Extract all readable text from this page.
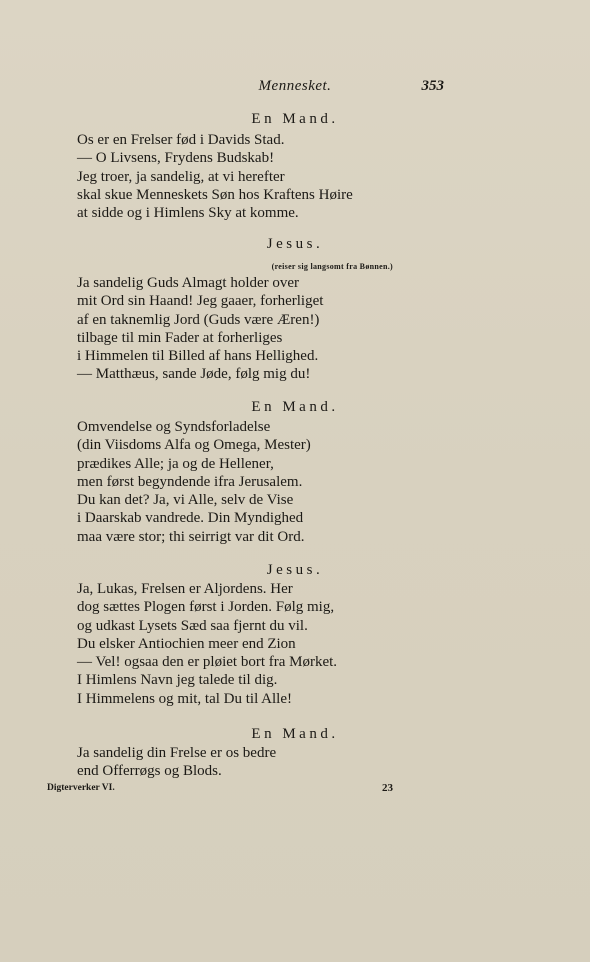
Mennesket.	353
En Mand.
Os er en Frelser fød i Davids Stad.
— O Livsens, Frydens Budskab!
Jeg troer, ja sandelig, at vi herefter
skal skue Menneskets Søn hos Kraftens Høire
at sidde og i Himlens Sky at komme.
Jesus.
(reiser sig langsomt fra Bønnen.)
Ja sandelig Guds Almagt holder over
mit Ord sin Haand! Jeg gaaer, forherliget
af en taknemlig Jord (Guds være Æren!)
tilbage til min Fader at forherliges
i Himmelen til Billed af hans Hellighed.
— Matthæus, sande Jøde, følg mig du!
En Mand.
Omvendelse og Syndsforladelse
(din Viisdoms Alfa og Omega, Mester)
prædikes Alle; ja og de Hellener,
men først begyndende ifra Jerusalem.
Du kan det? Ja, vi Alle, selv de Vise
i Daarskab vandrede. Din Myndighed
maa være stor; thi seirrigt var dit Ord.
Jesus.
Ja, Lukas, Frelsen er Aljordens. Her
dog sættes Plogen først i Jorden. Følg mig,
og udkast Lysets Sæd saa fjernt du vil.
Du elsker Antiochien meer end Zion
— Vel! ogsaa den er pløiet bort fra Mørket.
I Himlens Navn jeg talede til dig.
I Himmelens og mit, tal Du til Alle!
En Mand.
Ja sandelig din Frelse er os bedre
end Offerrøgs og Blods.
Digterverker VI.	23
